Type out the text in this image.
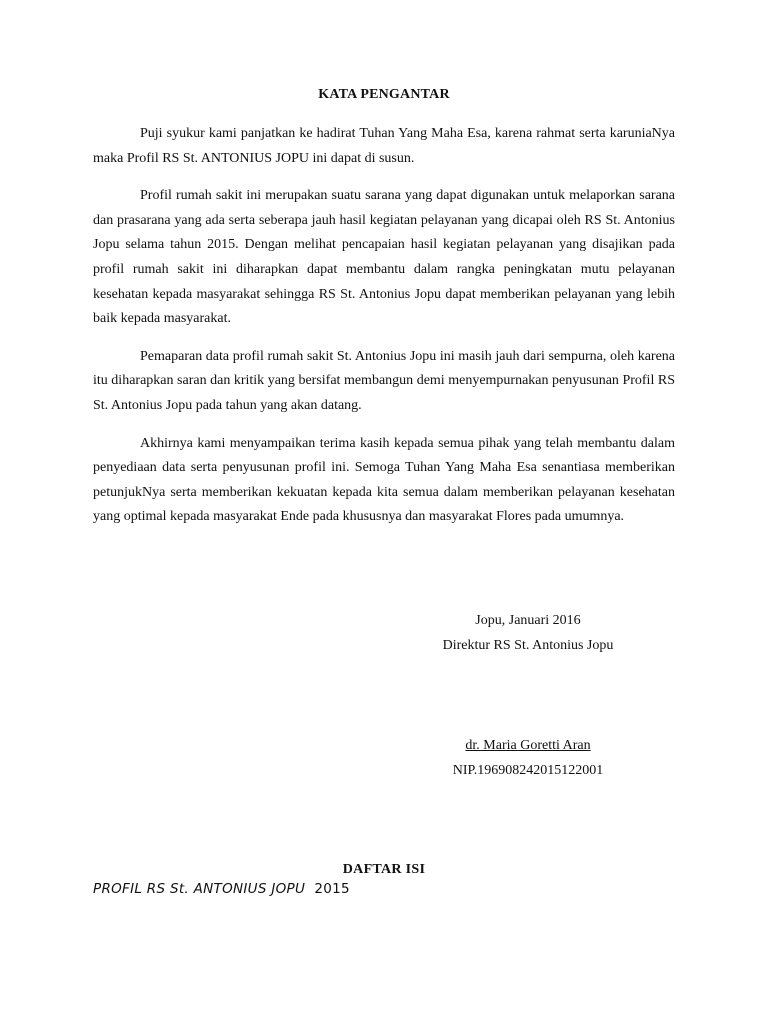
KATA PENGANTAR

Puji syukur kami panjatkan ke hadirat Tuhan Yang Maha Esa, karena rahmat serta karuniaNya maka Profil RS St. ANTONIUS JOPU ini dapat di susun.

Profil rumah sakit ini merupakan suatu sarana yang dapat digunakan untuk melaporkan sarana dan prasarana yang ada serta seberapa jauh hasil kegiatan pelayanan yang dicapai oleh RS St. Antonius Jopu selama tahun 2015. Dengan melihat pencapaian hasil kegiatan pelayanan yang disajikan pada profil rumah sakit ini diharapkan dapat membantu dalam rangka peningkatan mutu pelayanan kesehatan kepada masyarakat sehingga RS St. Antonius Jopu dapat memberikan pelayanan yang lebih baik kepada masyarakat.

Pemaparan data profil rumah sakit St. Antonius Jopu ini masih jauh dari sempurna, oleh karena itu diharapkan saran dan kritik yang bersifat membangun demi menyempurnakan penyusunan Profil RS St. Antonius Jopu pada tahun yang akan datang.

Akhirnya kami menyampaikan terima kasih kepada semua pihak yang telah membantu dalam penyediaan data serta penyusunan profil ini. Semoga Tuhan Yang Maha Esa senantiasa memberikan petunjukNya serta memberikan kekuatan kepada kita semua dalam memberikan pelayanan kesehatan yang optimal kepada masyarakat Ende pada khususnya dan masyarakat Flores pada umumnya.

Jopu, Januari 2016
Direktur RS St. Antonius Jopu
dr. Maria Goretti Aran
NIP.196908242015122001
DAFTAR ISI
PROFIL RS St. ANTONIUS JOPU 2015
